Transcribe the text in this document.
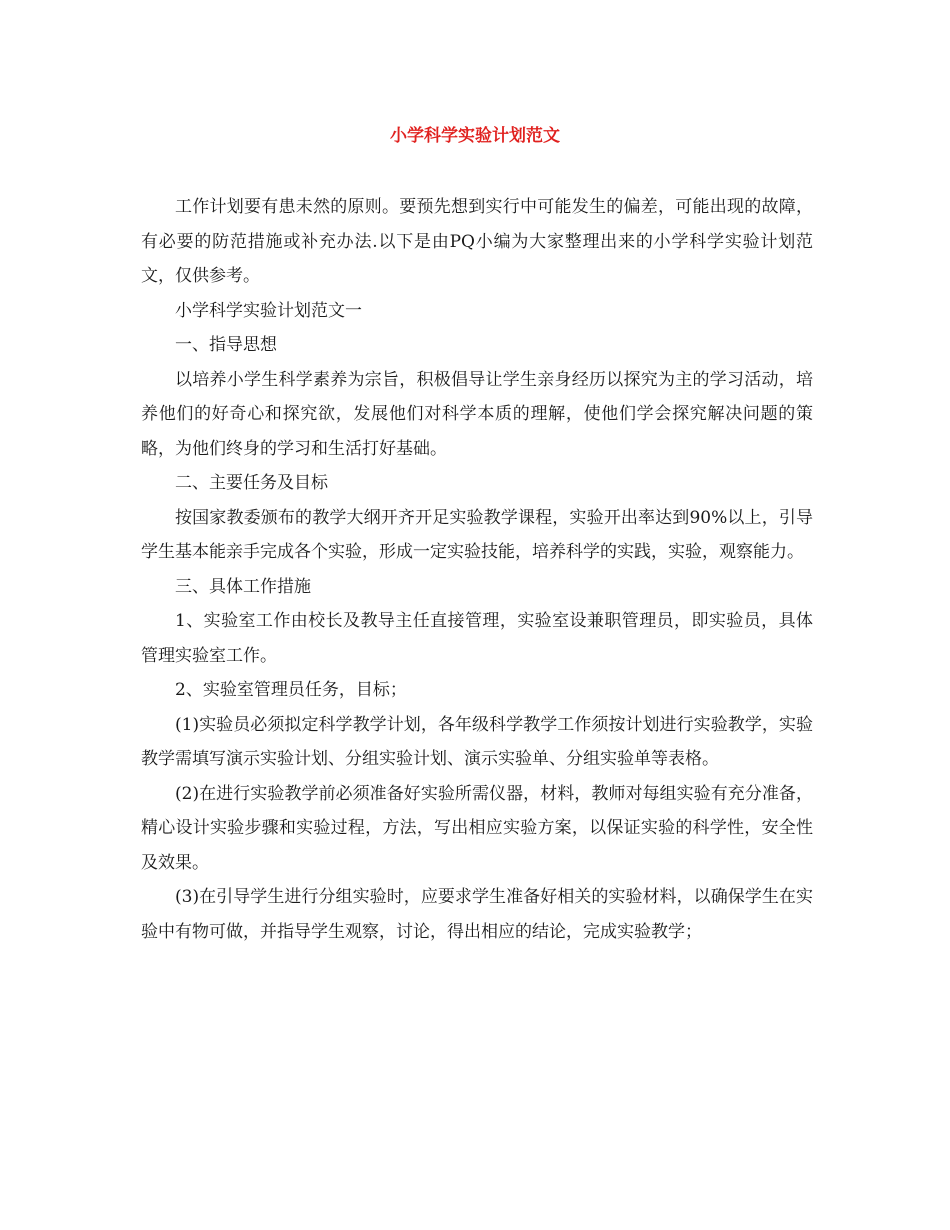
小学科学实验计划范文

工作计划要有患未然的原则。要预先想到实行中可能发生的偏差，可能出现的故障，有必要的防范措施或补充办法.以下是由PQ小编为大家整理出来的小学科学实验计划范文，仅供参考。

小学科学实验计划范文一

一、指导思想

以培养小学生科学素养为宗旨，积极倡导让学生亲身经历以探究为主的学习活动，培养他们的好奇心和探究欲，发展他们对科学本质的理解，使他们学会探究解决问题的策略，为他们终身的学习和生活打好基础。

二、主要任务及目标

按国家教委颁布的教学大纲开齐开足实验教学课程，实验开出率达到90%以上，引导学生基本能亲手完成各个实验，形成一定实验技能，培养科学的实践，实验，观察能力。

三、具体工作措施

1、实验室工作由校长及教导主任直接管理，实验室设兼职管理员，即实验员，具体管理实验室工作。

2、实验室管理员任务，目标；

(1)实验员必须拟定科学教学计划，各年级科学教学工作须按计划进行实验教学，实验教学需填写演示实验计划、分组实验计划、演示实验单、分组实验单等表格。

(2)在进行实验教学前必须准备好实验所需仪器，材料，教师对每组实验有充分准备，精心设计实验步骤和实验过程，方法，写出相应实验方案，以保证实验的科学性，安全性及效果。

(3)在引导学生进行分组实验时，应要求学生准备好相关的实验材料，以确保学生在实验中有物可做，并指导学生观察，讨论，得出相应的结论，完成实验教学；
